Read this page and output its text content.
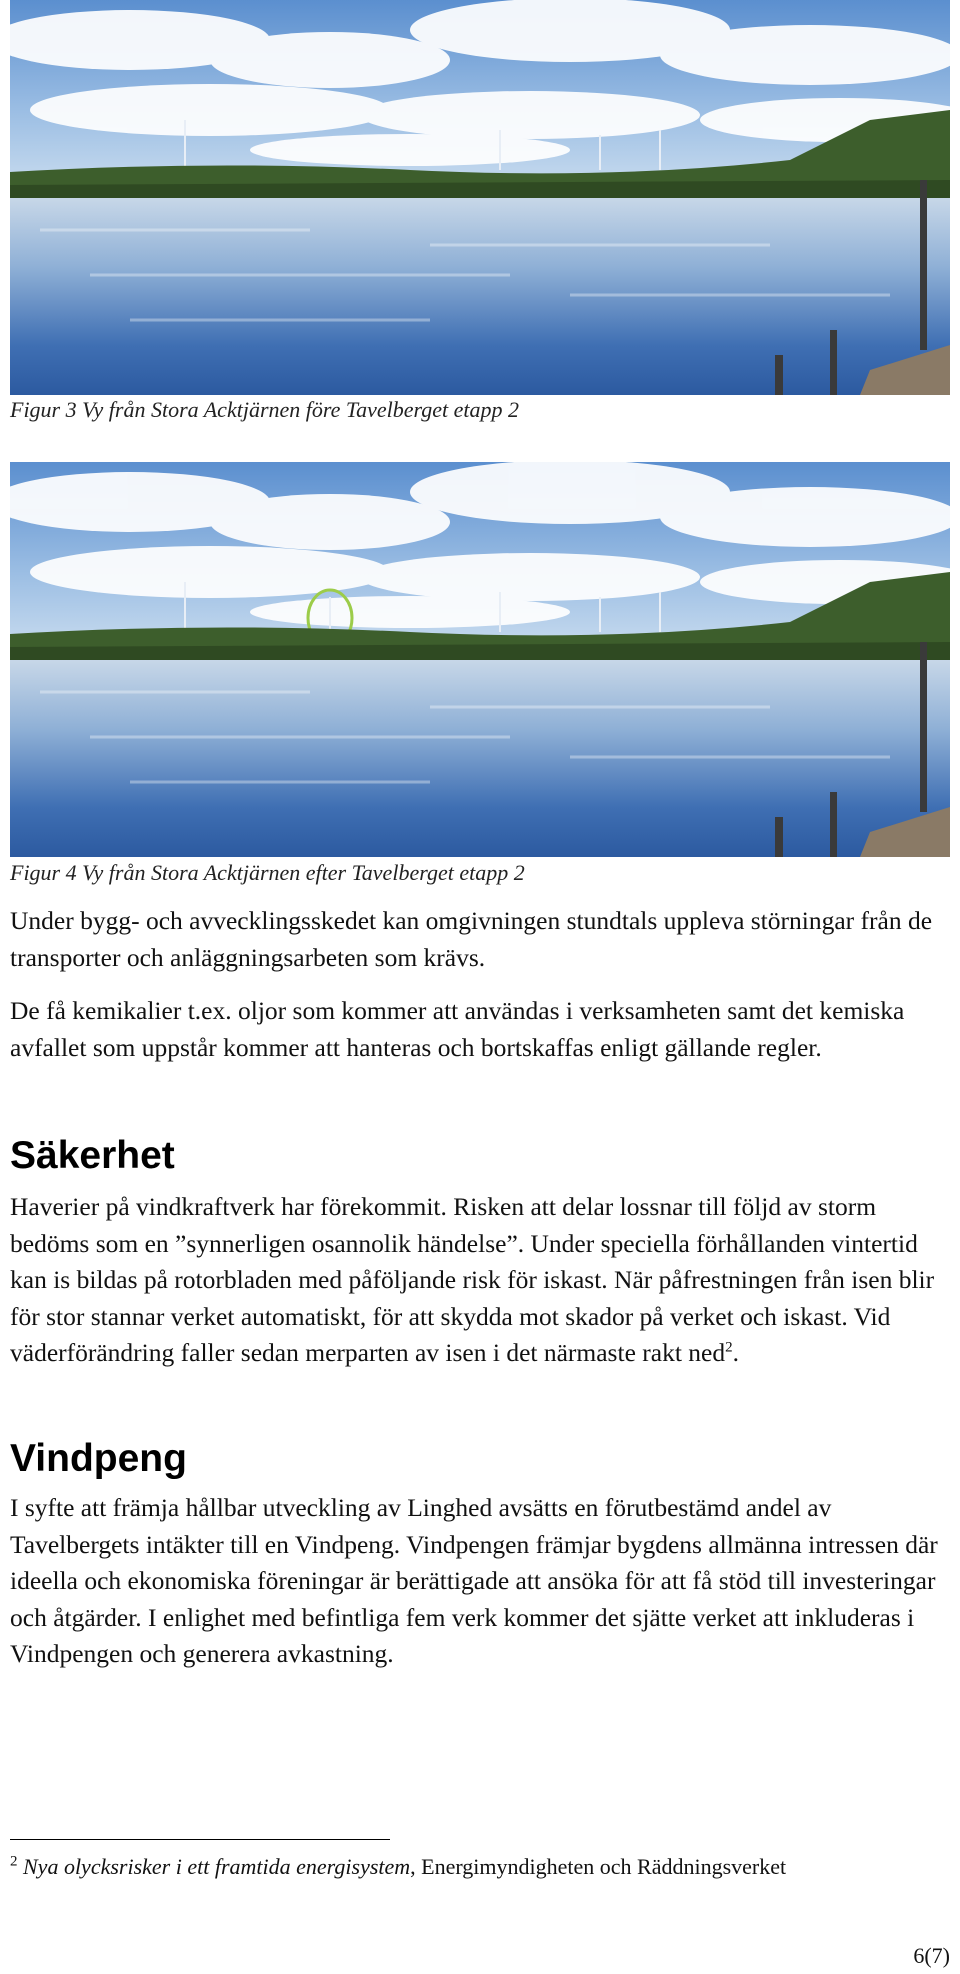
Figur 3 Vy från Stora Acktjärnen före Tavelberget etapp 2
Figur 4 Vy från Stora Acktjärnen efter Tavelberget etapp 2

Under bygg- och avvecklingsskedet kan omgivningen stundtals uppleva störningar från de transporter och anläggningsarbeten som krävs.

De få kemikalier t.ex. oljor som kommer att användas i verksamheten samt det kemiska avfallet som uppstår kommer att hanteras och bortskaffas enligt gällande regler.

Säkerhet

Haverier på vindkraftverk har förekommit. Risken att delar lossnar till följd av storm bedöms som en ”synnerligen osannolik händelse”. Under speciella förhållanden vintertid kan is bildas på rotorbladen med påföljande risk för iskast. När påfrestningen från isen blir för stor stannar verket automatiskt, för att skydda mot skador på verket och iskast. Vid väderförändring faller sedan merparten av isen i det närmaste rakt ned$^2$.

Vindpeng

I syfte att främja hållbar utveckling av Linghed avsätts en förutbestämd andel av Tavelbergets intäkter till en Vindpeng. Vindpengen främjar bygdens allmänna intressen där ideella och ekonomiska föreningar är berättigade att ansöka för att få stöd till investeringar och åtgärder. I enlighet med befintliga fem verk kommer det sjätte verket att inkluderas i Vindpengen och generera avkastning.

$^2$ Nya olycksrisker i ett framtida energisystem, Energimyndigheten och Räddningsverket

6(7)
